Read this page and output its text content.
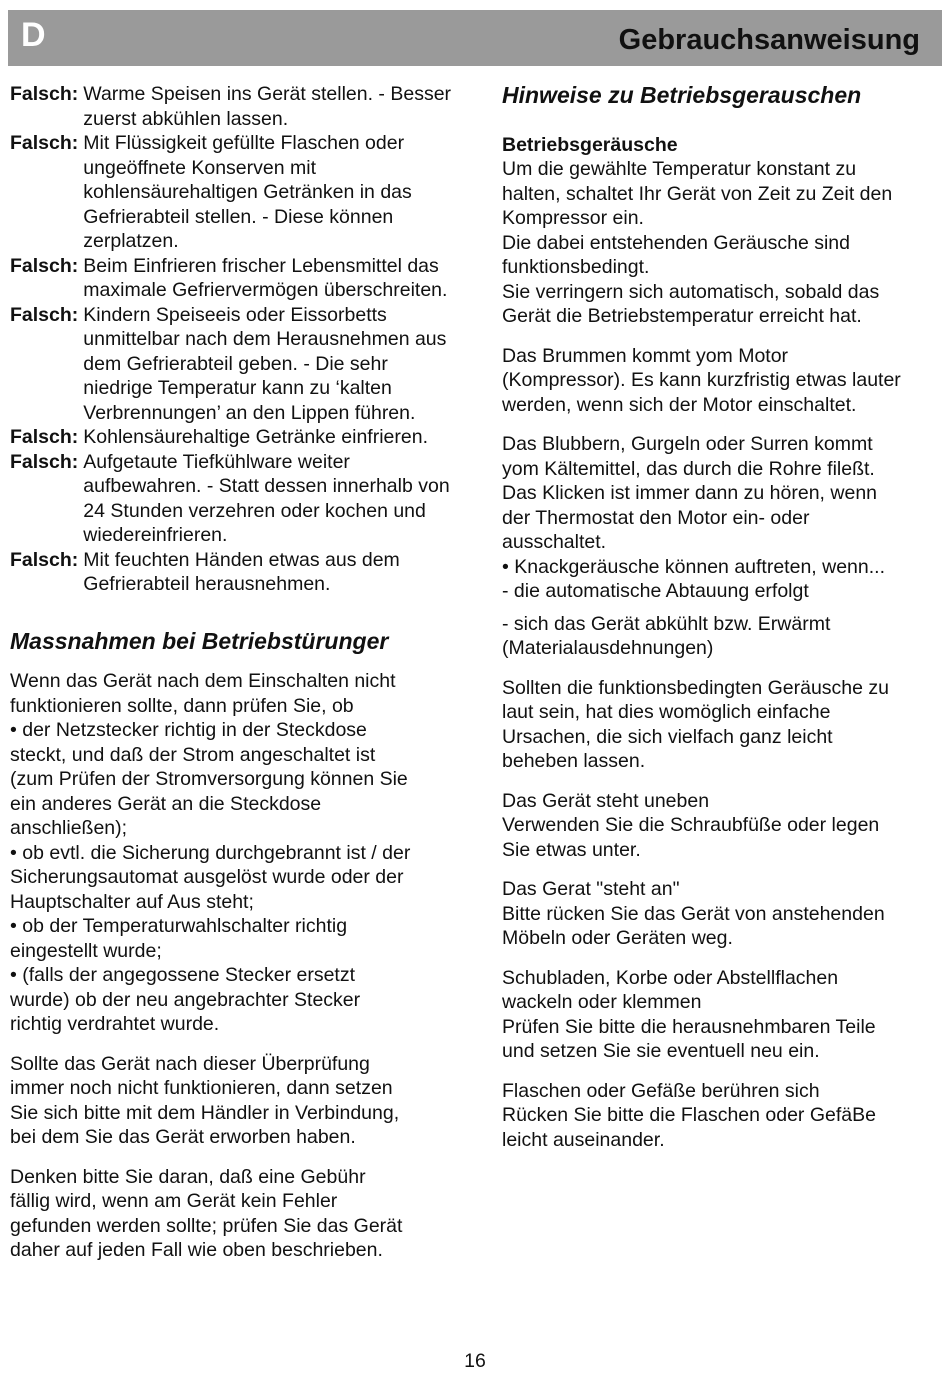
D	Gebrauchsanweisung
Falsch: Warme Speisen ins Gerät stellen. - Besser zuerst abkühlen lassen.
Falsch: Mit Flüssigkeit gefüllte Flaschen oder ungeöffnete Konserven mit kohlensäurehaltigen Getränken in das Gefrierabteil stellen. - Diese können zerplatzen.
Falsch: Beim Einfrieren frischer Lebensmittel das maximale Gefriervermögen überschreiten.
Falsch: Kindern Speiseeis oder Eissorbetts unmittelbar nach dem Herausnehmen aus dem Gefrierabteil geben. - Die sehr niedrige Temperatur kann zu ‘kalten Verbrennungen’ an den Lippen führen.
Falsch: Kohlensäurehaltige Getränke einfrieren.
Falsch: Aufgetaute Tiefkühlware weiter aufbewahren. - Statt dessen innerhalb von 24 Stunden verzehren oder kochen und wiedereinfrieren.
Falsch: Mit feuchten Händen etwas aus dem Gefrierabteil herausnehmen.
Massnahmen bei Betriebstürunger
Wenn das Gerät nach dem Einschalten nicht
funktionieren sollte, dann prüfen Sie, ob
• der Netzstecker richtig in der Steckdose
steckt, und daß der Strom angeschaltet ist
(zum Prüfen der Stromversorgung können Sie
ein anderes Gerät an die Steckdose
anschließen);
• ob evtl. die Sicherung durchgebrannt ist / der
Sicherungsautomat ausgelöst wurde oder der
Hauptschalter auf Aus steht;
• ob der Temperaturwahlschalter richtig
eingestellt wurde;
• (falls der angegossene Stecker ersetzt
wurde) ob der neu angebrachter Stecker
richtig verdrahtet wurde.
Sollte das Gerät nach dieser Überprüfung
immer noch nicht funktionieren, dann setzen
Sie sich bitte mit dem Händler in Verbindung,
bei dem Sie das Gerät erworben haben.
Denken bitte Sie daran, daß eine Gebühr
fällig wird, wenn am Gerät kein Fehler
gefunden werden sollte; prüfen Sie das Gerät
daher auf jeden Fall wie oben beschrieben.
Hinweise zu Betriebsgerauschen
Betriebsgeräusche
Um die gewählte Temperatur konstant zu
halten, schaltet Ihr Gerät von Zeit zu Zeit den
Kompressor ein.
Die dabei entstehenden Geräusche sind
funktionsbedingt.
Sie verringern sich automatisch, sobald das
Gerät die Betriebstemperatur erreicht hat.
Das Brummen kommt yom Motor
(Kompressor). Es kann kurzfristig etwas lauter
werden, wenn sich der Motor einschaltet.
Das Blubbern, Gurgeln oder Surren kommt
yom Kältemittel, das durch die Rohre fileßt.
Das Klicken ist immer dann zu hören, wenn
der Thermostat den Motor ein- oder
ausschaltet.
• Knackgeräusche können auftreten, wenn...
- die automatische Abtauung erfolgt
- sich das Gerät abkühlt bzw. Erwärmt
(Materialausdehnungen)
Sollten die funktionsbedingten Geräusche zu
laut sein, hat dies womöglich einfache
Ursachen, die sich vielfach ganz leicht
beheben lassen.
Das Gerät steht uneben
Verwenden Sie die Schraubfüße oder legen
Sie etwas unter.
Das Gerat "steht an"
Bitte rücken Sie das Gerät von anstehenden
Möbeln oder Geräten weg.
Schubladen, Korbe oder Abstellflachen
wackeln oder klemmen
Prüfen Sie bitte die herausnehmbaren Teile
und setzen Sie sie eventuell neu ein.
Flaschen oder Gefäße berühren sich
Rücken Sie bitte die Flaschen oder GefäBe
leicht auseinander.
16
